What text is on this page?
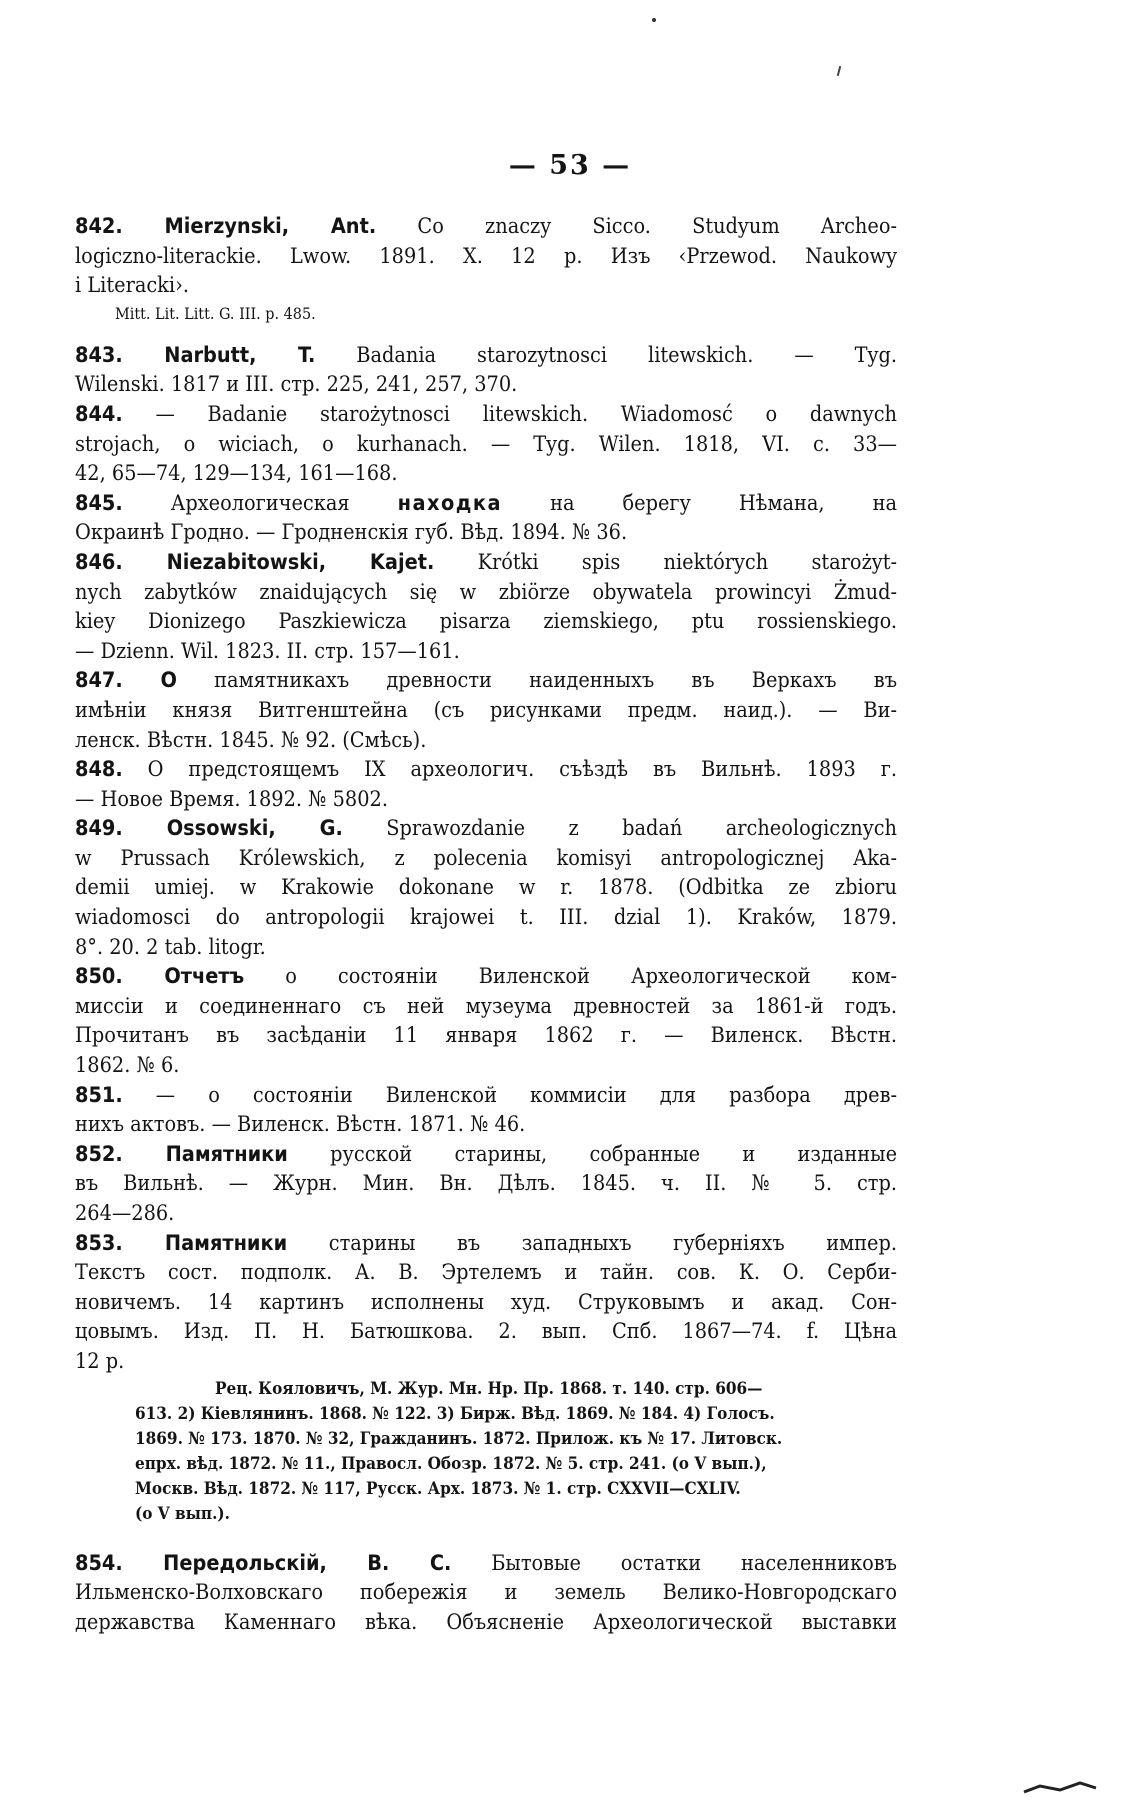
— 53 —
842. Mierzynski, Ant. Co znaczy Sicco. Studyum Archeo-
logiczno-literackie. Lwow. 1891. X. 12 p. Изъ ‹Przewod. Naukowy
i Literacki›.
Mitt. Lit. Litt. G. III. p. 485.
843. Narbutt, T. Badania starozytnosci litewskich. — Tyg.
Wilenski. 1817 и III. стр. 225, 241, 257, 370.
844. — Badanie starożytnosci litewskich. Wiadomosć o dawnych
strojach, o wiciach, o kurhanach. — Tyg. Wilen. 1818, VI. c. 33—
42, 65—74, 129—134, 161—168.
845. Археологическая находка на берегу Нѣмана, на
Окраинѣ Гродно. — Гродненскія губ. Вѣд. 1894. № 36.
846. Niezabitowski, Kajet. Krótki spis niektórych starożyt-
nych zabytków znaidujących się w zbiörze obywatela prowincyi Żmud-
kiey Dionizego Paszkiewicza pisarza ziemskiego, ptu rossienskiego.
— Dzienn. Wil. 1823. II. стр. 157—161.
847. О памятникахъ древности наиденныхъ въ Веркахъ въ
имѣніи князя Витгенштейна (съ рисунками предм. наид.). — Ви-
ленск. Вѣстн. 1845. № 92. (Смѣсь).
848. О предстоящемъ IX археологич. съѣздѣ въ Вильнѣ. 1893 г.
— Новое Время. 1892. № 5802.
849. Ossowski, G. Sprawozdanie z badań archeologicznych
w Prussach Królewskich, z polecenia komisyi antropologicznej Aka-
demii umiej. w Krakowie dokonane w r. 1878. (Odbitka ze zbioru
wiadomosci do antropologii krajowei t. III. dzial 1). Kraków, 1879.
8°. 20. 2 tab. litogr.
850. Отчетъ о состояніи Виленской Археологической ком-
миссіи и соединеннаго съ ней музеума древностей за 1861-й годъ.
Прочитанъ въ засѣданіи 11 января 1862 г. — Виленск. Вѣстн.
1862. № 6.
851. — о состояніи Виленской коммисіи для разбора древ-
нихъ актовъ. — Виленск. Вѣстн. 1871. № 46.
852. Памятники русской старины, собранные и изданные
въ Вильнѣ. — Журн. Мин. Вн. Дѣлъ. 1845. ч. II. № 5. стр.
264—286.
853. Памятники старины въ западныхъ губерніяхъ импер.
Текстъ сост. подполк. А. В. Эртелемъ и тайн. сов. К. О. Серби-
новичемъ. 14 картинъ исполнены худ. Струковымъ и акад. Сон-
цовымъ. Изд. П. Н. Батюшкова. 2. вып. Спб. 1867—74. f. Цѣна
12 р.
Рец. Кояловичъ, М. Жур. Мн. Нр. Пр. 1868. т. 140. стр. 606—
613. 2) Кіевлянинъ. 1868. № 122. 3) Бирж. Вѣд. 1869. № 184. 4) Голосъ.
1869. № 173. 1870. № 32, Гражданинъ. 1872. Прилож. къ № 17. Литовск.
епрх. вѣд. 1872. № 11., Правосл. Обозр. 1872. № 5. стр. 241. (о V вып.),
Москв. Вѣд. 1872. № 117, Русск. Арх. 1873. № 1. стр. CXXVII—CXLIV.
(о V вып.).
854. Передольскій, В. С. Бытовые остатки населенниковъ
Ильменско-Волховскаго побережія и земель Велико-Новгородскаго
державства Каменнаго вѣка. Объясненіе Археологической выставки
